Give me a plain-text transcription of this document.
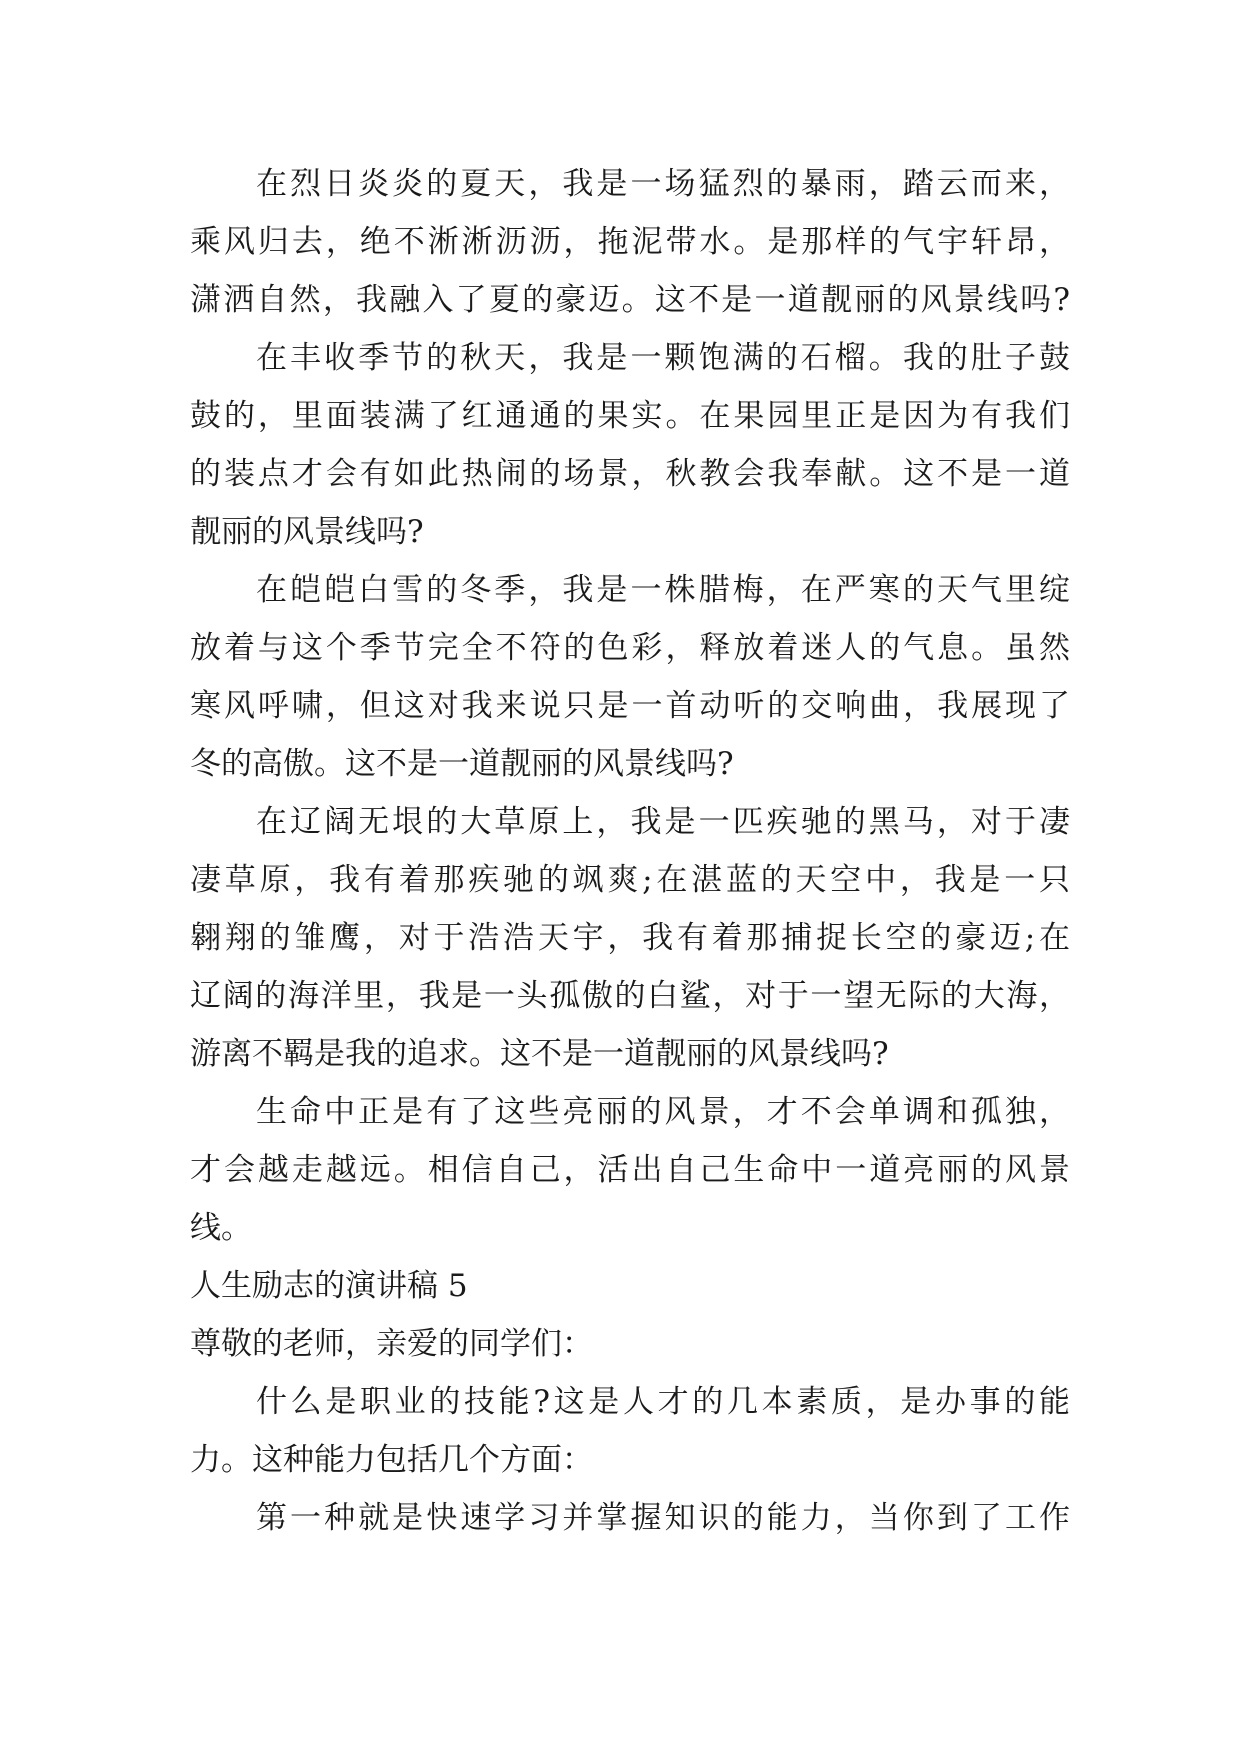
在烈日炎炎的夏天，我是一场猛烈的暴雨，踏云而来，

乘风归去，绝不淅淅沥沥，拖泥带水。是那样的气宇轩昂，

潇洒自然，我融入了夏的豪迈。这不是一道靓丽的风景线吗?

在丰收季节的秋天，我是一颗饱满的石榴。我的肚子鼓

鼓的，里面装满了红通通的果实。在果园里正是因为有我们

的装点才会有如此热闹的场景，秋教会我奉献。这不是一道

靓丽的风景线吗?

在皑皑白雪的冬季，我是一株腊梅，在严寒的天气里绽

放着与这个季节完全不符的色彩，释放着迷人的气息。虽然

寒风呼啸，但这对我来说只是一首动听的交响曲，我展现了

冬的高傲。这不是一道靓丽的风景线吗?

在辽阔无垠的大草原上，我是一匹疾驰的黑马，对于凄

凄草原，我有着那疾驰的飒爽;在湛蓝的天空中，我是一只

翱翔的雏鹰，对于浩浩天宇，我有着那捕捉长空的豪迈;在

辽阔的海洋里，我是一头孤傲的白鲨，对于一望无际的大海，

游离不羁是我的追求。这不是一道靓丽的风景线吗?

生命中正是有了这些亮丽的风景，才不会单调和孤独，

才会越走越远。相信自己，活出自己生命中一道亮丽的风景

线。

人生励志的演讲稿 5

尊敬的老师，亲爱的同学们：

什么是职业的技能?这是人才的几本素质，是办事的能

力。这种能力包括几个方面：

第一种就是快速学习并掌握知识的能力，当你到了工作
